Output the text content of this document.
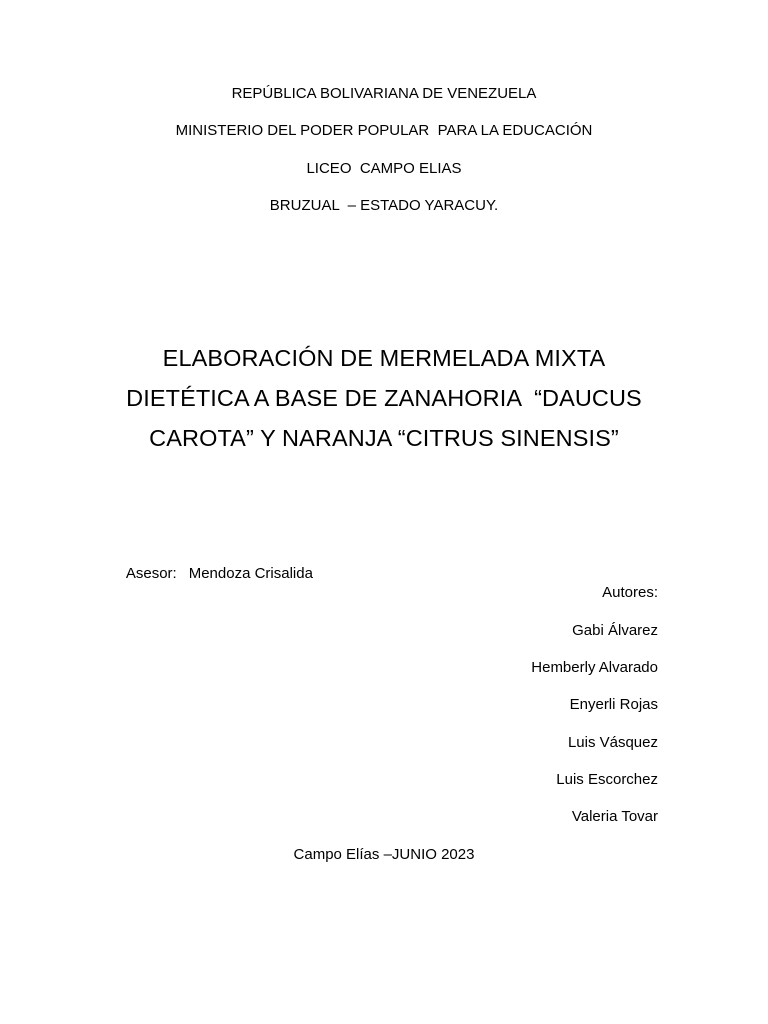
REPÚBLICA BOLIVARIANA DE VENEZUELA
MINISTERIO DEL PODER POPULAR  PARA LA EDUCACIÓN
LICEO  CAMPO ELIAS
BRUZUAL  – ESTADO YARACUY.
ELABORACIÓN DE MERMELADA MIXTA
DIETÉTICA A BASE DE ZANAHORIA  “DAUCUS
CAROTA” Y NARANJA “CITRUS SINENSIS”

Asesor: Mendoza Crisalida

Autores:
Gabi Álvarez
Hemberly Alvarado
Enyerli Rojas
Luis Vásquez
Luis Escorchez
Valeria Tovar
Campo Elías –JUNIO 2023
